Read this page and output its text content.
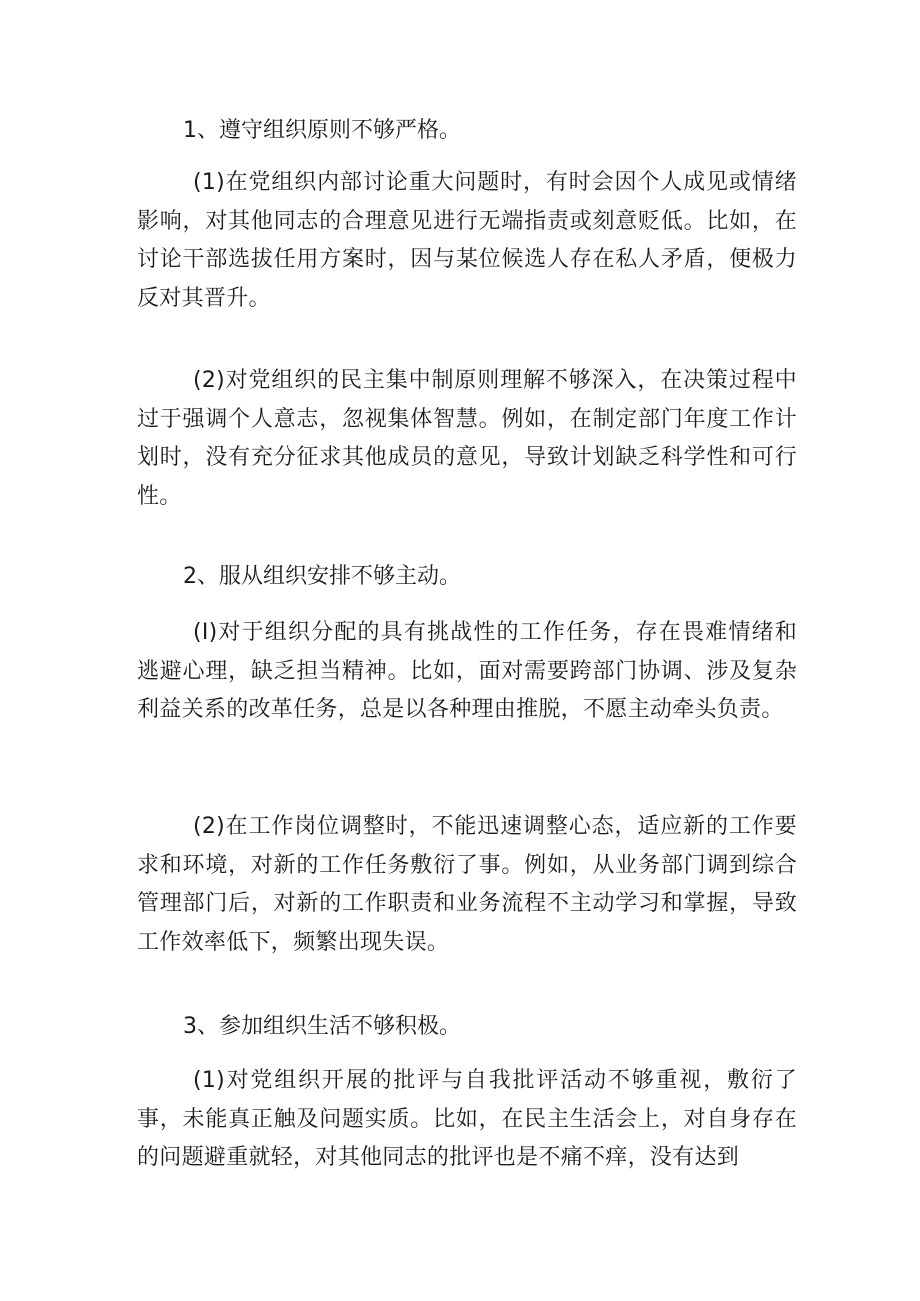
1、遵守组织原则不够严格。

(1)在党组织内部讨论重大问题时，有时会因个人成见或情绪影响，对其他同志的合理意见进行无端指责或刻意贬低。比如，在讨论干部选拔任用方案时，因与某位候选人存在私人矛盾，便极力反对其晋升。

(2)对党组织的民主集中制原则理解不够深入，在决策过程中过于强调个人意志，忽视集体智慧。例如，在制定部门年度工作计划时，没有充分征求其他成员的意见，导致计划缺乏科学性和可行性。

2、服从组织安排不够主动。

(I)对于组织分配的具有挑战性的工作任务，存在畏难情绪和逃避心理，缺乏担当精神。比如，面对需要跨部门协调、涉及复杂利益关系的改革任务，总是以各种理由推脱，不愿主动牵头负责。

(2)在工作岗位调整时，不能迅速调整心态，适应新的工作要求和环境，对新的工作任务敷衍了事。例如，从业务部门调到综合管理部门后，对新的工作职责和业务流程不主动学习和掌握，导致工作效率低下，频繁出现失误。

3、参加组织生活不够积极。

(1)对党组织开展的批评与自我批评活动不够重视，敷衍了事，未能真正触及问题实质。比如，在民主生活会上，对自身存在的问题避重就轻，对其他同志的批评也是不痛不痒，没有达到
